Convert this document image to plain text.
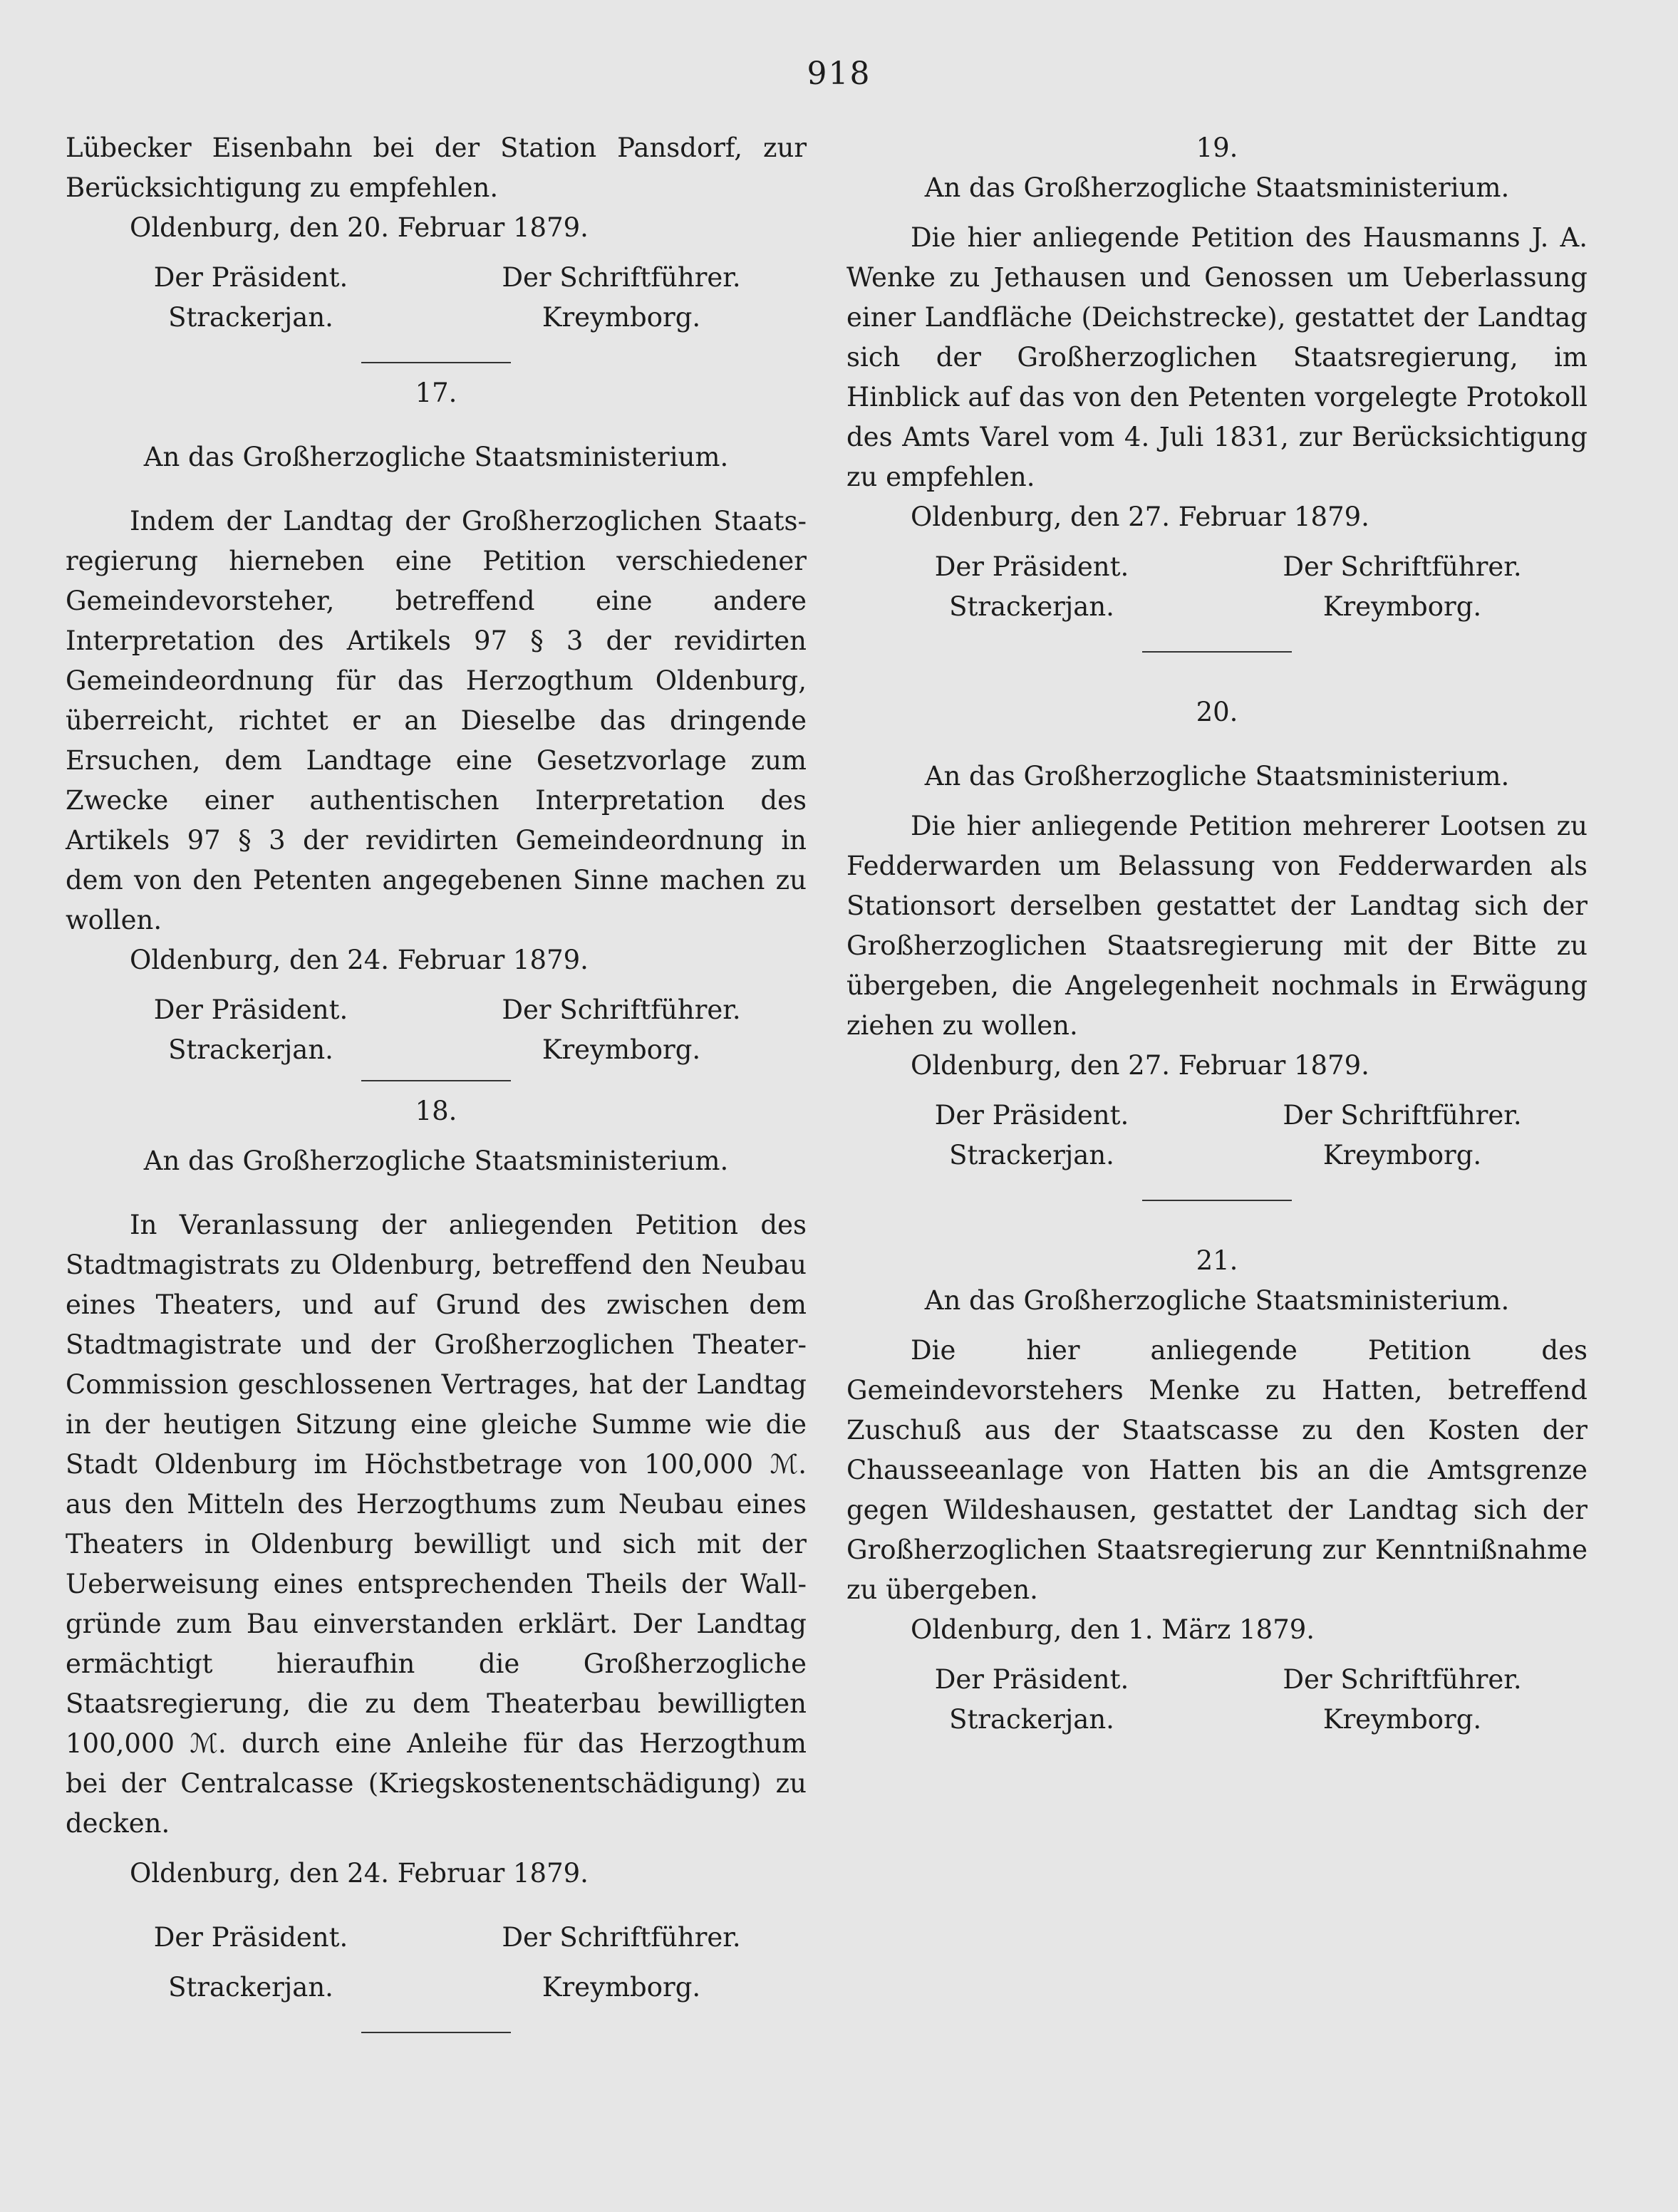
918

Lübecker Eisenbahn bei der Station Pansdorf, zur Berücksichtigung zu empfehlen.

Oldenburg, den 20. Februar 1879.

Der Präsident.	Der Schriftführer.
Strackerjan.	Kreymborg.

17.

An das Großherzogliche Staatsministerium.

Indem der Landtag der Großherzoglichen Staatsregierung hierneben eine Petition verschiedener Gemeindevorsteher, betreffend eine andere Interpretation des Artikels 97 § 3 der revidirten Gemeindeordnung für das Herzogthum Oldenburg, überreicht, richtet er an Dieselbe das dringende Ersuchen, dem Landtage eine Gesetzvorlage zum Zwecke einer authentischen Interpretation des Artikels 97 § 3 der revidirten Gemeindeordnung in dem von den Petenten angegebenen Sinne machen zu wollen.

Oldenburg, den 24. Februar 1879.

Der Präsident.	Der Schriftführer.
Strackerjan.	Kreymborg.

18.

An das Großherzogliche Staatsministerium.

In Veranlassung der anliegenden Petition des Stadtmagistrats zu Oldenburg, betreffend den Neubau eines Theaters, und auf Grund des zwischen dem Stadtmagistrate und der Großherzoglichen Theater-Commission geschlossenen Vertrages, hat der Landtag in der heutigen Sitzung eine gleiche Summe wie die Stadt Oldenburg im Höchstbetrage von 100,000 ℳ. aus den Mitteln des Herzogthums zum Neubau eines Theaters in Oldenburg bewilligt und sich mit der Ueberweisung eines entsprechenden Theils der Wallgründe zum Bau einverstanden erklärt. Der Landtag ermächtigt hieraufhin die Großherzogliche Staatsregierung, die zu dem Theaterbau bewilligten 100,000 ℳ. durch eine Anleihe für das Herzogthum bei der Centralcasse (Kriegskostenentschädigung) zu decken.

Oldenburg, den 24. Februar 1879.

Der Präsident.	Der Schriftführer.
Strackerjan.	Kreymborg.

19.

An das Großherzogliche Staatsministerium.

Die hier anliegende Petition des Hausmanns J. A. Wenke zu Jethausen und Genossen um Ueberlassung einer Landfläche (Deichstrecke), gestattet der Landtag sich der Großherzoglichen Staatsregierung, im Hinblick auf das von den Petenten vorgelegte Protokoll des Amts Varel vom 4. Juli 1831, zur Berücksichtigung zu empfehlen.

Oldenburg, den 27. Februar 1879.

Der Präsident.	Der Schriftführer.
Strackerjan.	Kreymborg.

20.

An das Großherzogliche Staatsministerium.

Die hier anliegende Petition mehrerer Lootsen zu Fedderwarden um Belassung von Fedderwarden als Stationsort derselben gestattet der Landtag sich der Großherzoglichen Staatsregierung mit der Bitte zu übergeben, die Angelegenheit nochmals in Erwägung ziehen zu wollen.

Oldenburg, den 27. Februar 1879.

Der Präsident.	Der Schriftführer.
Strackerjan.	Kreymborg.

21.

An das Großherzogliche Staatsministerium.

Die hier anliegende Petition des Gemeindevorstehers Menke zu Hatten, betreffend Zuschuß aus der Staatscasse zu den Kosten der Chausseeanlage von Hatten bis an die Amtsgrenze gegen Wildeshausen, gestattet der Landtag sich der Großherzoglichen Staatsregierung zur Kenntnißnahme zu übergeben.

Oldenburg, den 1. März 1879.

Der Präsident.	Der Schriftführer.
Strackerjan.	Kreymborg.
